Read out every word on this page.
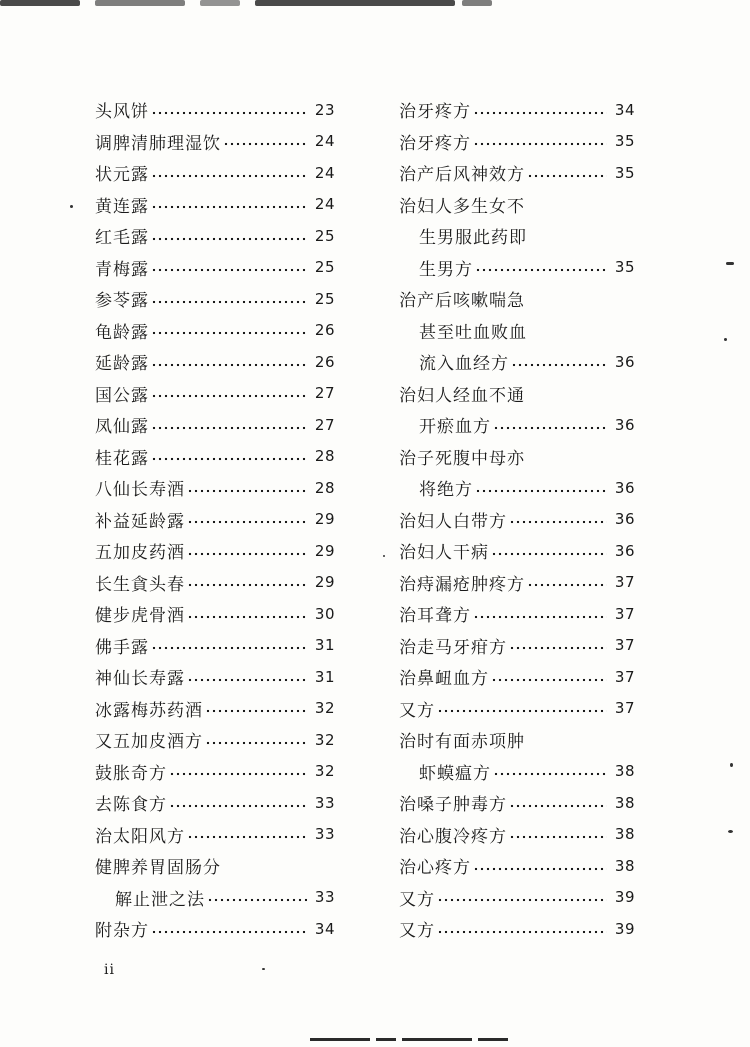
头风饼	23
调脾清肺理湿饮	24
状元露	24
黄连露	24
红毛露	25
青梅露	25
参苓露	25
龟龄露	26
延龄露	26
国公露	27
凤仙露	27
桂花露	28
八仙长寿酒	28
补益延龄露	29
五加皮药酒	29
长生貪头春	29
健步虎骨酒	30
佛手露	31
神仙长寿露	31
冰露梅苏药酒	32
又五加皮酒方	32
鼓胀奇方	32
去陈食方	33
治太阳风方	33
健脾养胃固肠分
解止泄之法	33
附杂方	34
治牙疼方	34
治牙疼方	35
治产后风神效方	35
治妇人多生女不
生男服此药即
生男方	35
治产后咳嗽喘急
甚至吐血败血
流入血经方	36
治妇人经血不通
开瘀血方	36
治子死腹中母亦
将绝方	36
治妇人白带方	36
治妇人干病	36
治痔漏疮肿疼方	37
治耳聋方	37
治走马牙疳方	37
治鼻衄血方	37
又方	37
治时有面赤项肿
虾蟆瘟方	38
治嗓子肿毒方	38
治心腹冷疼方	38
治心疼方	38
又方	39
又方	39
ii
